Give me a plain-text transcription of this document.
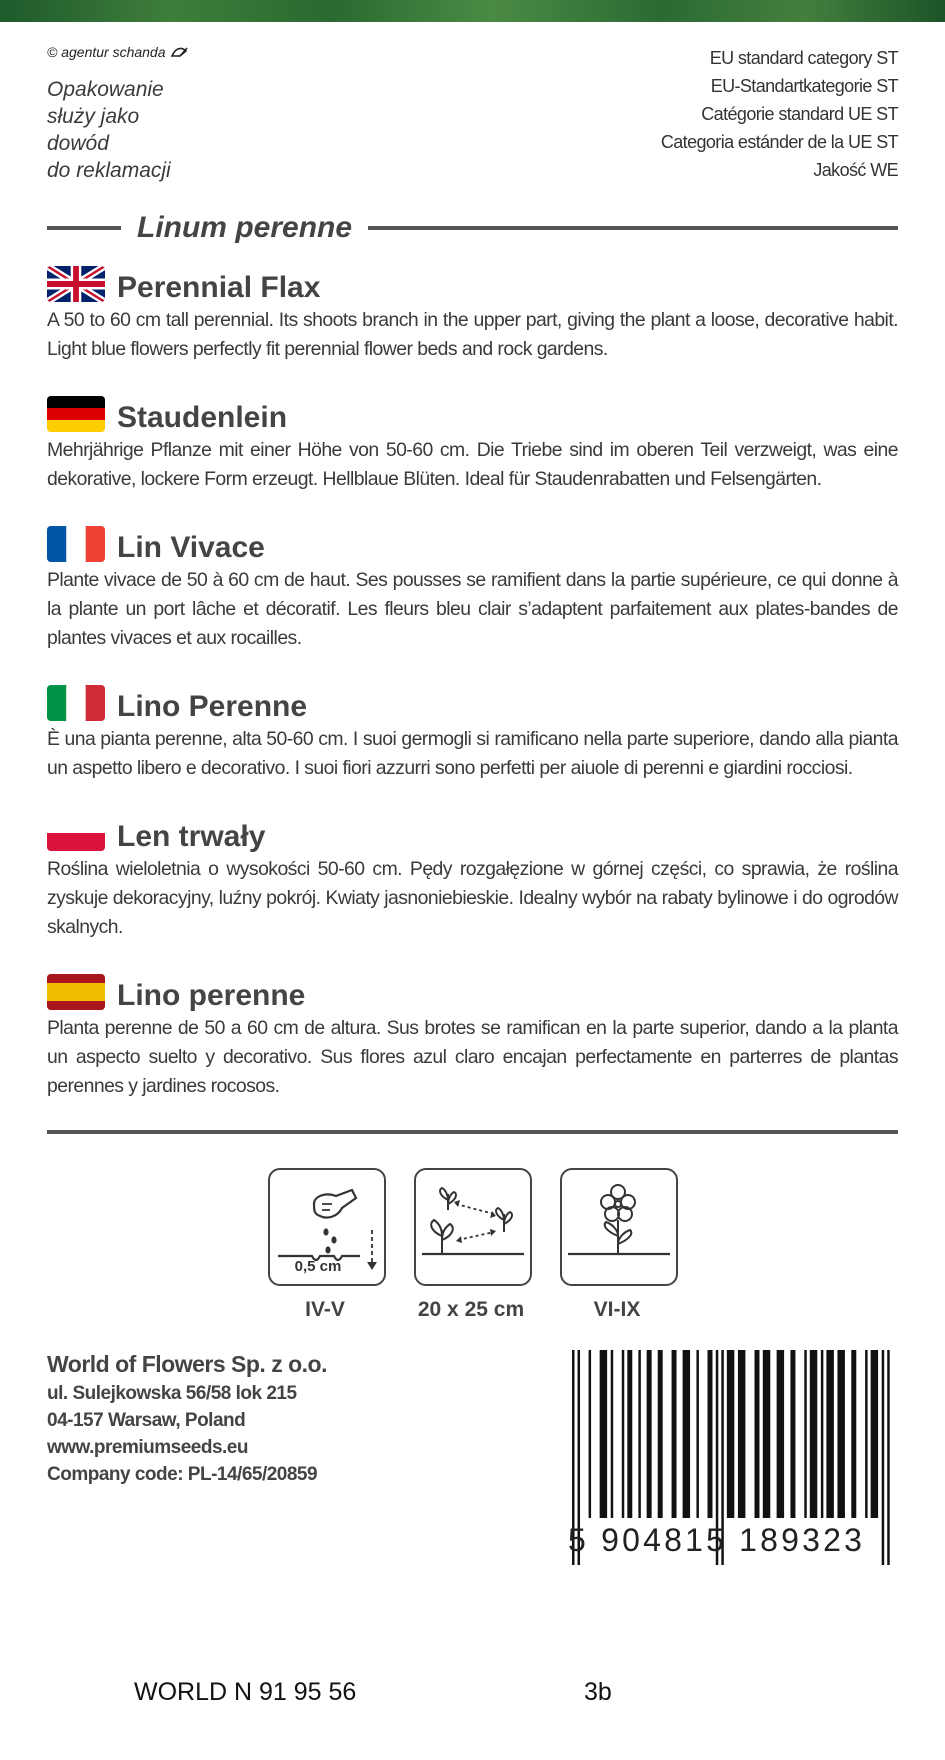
© agentur schanda
Opakowanie
służy jako
dowód
do reklamacji
EU standard category ST
EU-Standartkategorie ST
Catégorie standard UE ST
Categoria estánder de la UE ST
Jakość WE
Linum perenne
Perennial Flax
A 50 to 60 cm tall perennial. Its shoots branch in the upper part, giving the plant a loose, decorative habit. Light blue flowers perfectly fit perennial flower beds and rock gardens.
Staudenlein
Mehrjährige Pflanze mit einer Höhe von 50-60 cm. Die Triebe sind im oberen Teil verzweigt, was eine dekorative, lockere Form erzeugt. Hellblaue Blüten. Ideal für Staudenrabatten und Felsengärten.
Lin Vivace
Plante vivace de 50 à 60 cm de haut. Ses pousses se ramifient dans la partie supérieure, ce qui donne à la plante un port lâche et décoratif. Les fleurs bleu clair s’adaptent parfaitement aux plates-bandes de plantes vivaces et aux rocailles.
Lino Perenne
È una pianta perenne, alta 50-60 cm. I suoi germogli si ramificano nella parte superiore, dando alla pianta un aspetto libero e decorativo. I suoi fiori azzurri sono perfetti per aiuole di perenni e giardini rocciosi.
Len trwały
Roślina wieloletnia o wysokości 50-60 cm. Pędy rozgałęzione w górnej części, co sprawia, że roślina zyskuje dekoracyjny, luźny pokrój. Kwiaty jasnoniebieskie. Idealny wybór na rabaty bylinowe i do ogrodów skalnych.
Lino perenne
Planta perenne de 50 a 60 cm de altura. Sus brotes se ramifican en la parte superior, dando a la planta un aspecto suelto y decorativo. Sus flores azul claro encajan perfectamente en parterres de plantas perennes y jardines rocosos.
0,5 cm
IV-V	20 x 25 cm	VI-IX
World of Flowers Sp. z o.o.
ul. Sulejkowska 56/58 lok 215
04-157 Warsaw, Poland
www.premiumseeds.eu
Company code: PL-14/65/20859
5 904815 189323
WORLD N 91 95 56	3b
